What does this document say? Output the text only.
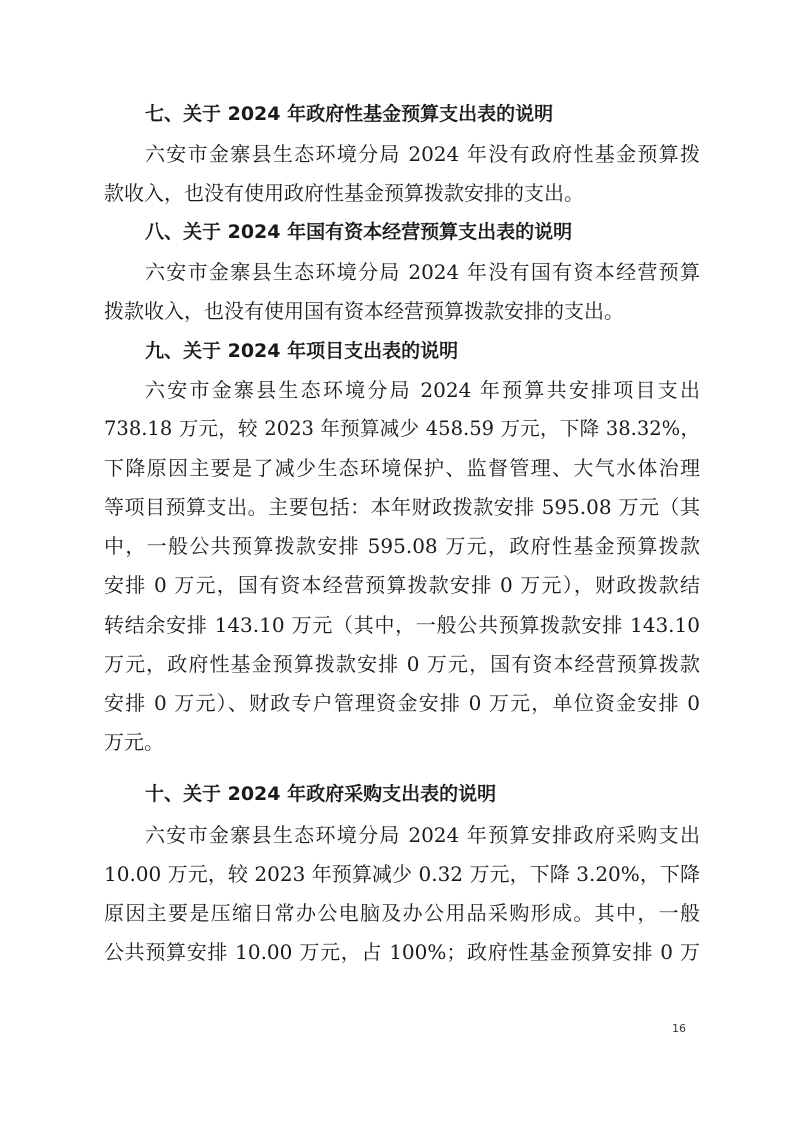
七、关于 2024 年政府性基金预算支出表的说明
六安市金寨县生态环境分局 2024 年没有政府性基金预算拨
款收入，也没有使用政府性基金预算拨款安排的支出。
八、关于 2024 年国有资本经营预算支出表的说明
六安市金寨县生态环境分局 2024 年没有国有资本经营预算
拨款收入，也没有使用国有资本经营预算拨款安排的支出。
九、关于 2024 年项目支出表的说明
六安市金寨县生态环境分局 2024 年预算共安排项目支出
738.18 万元，较 2023 年预算减少 458.59 万元，下降 38.32%，
下降原因主要是了减少生态环境保护、监督管理、大气水体治理
等项目预算支出。主要包括：本年财政拨款安排 595.08 万元（其
中，一般公共预算拨款安排 595.08 万元，政府性基金预算拨款
安排 0 万元，国有资本经营预算拨款安排 0 万元），财政拨款结
转结余安排 143.10 万元（其中，一般公共预算拨款安排 143.10
万元，政府性基金预算拨款安排 0 万元，国有资本经营预算拨款
安排 0 万元）、财政专户管理资金安排 0 万元，单位资金安排 0
万元。
十、关于 2024 年政府采购支出表的说明
六安市金寨县生态环境分局 2024 年预算安排政府采购支出
10.00 万元，较 2023 年预算减少 0.32 万元，下降 3.20%，下降
原因主要是压缩日常办公电脑及办公用品采购形成。其中，一般
公共预算安排 10.00 万元，占 100%；政府性基金预算安排 0 万
16
